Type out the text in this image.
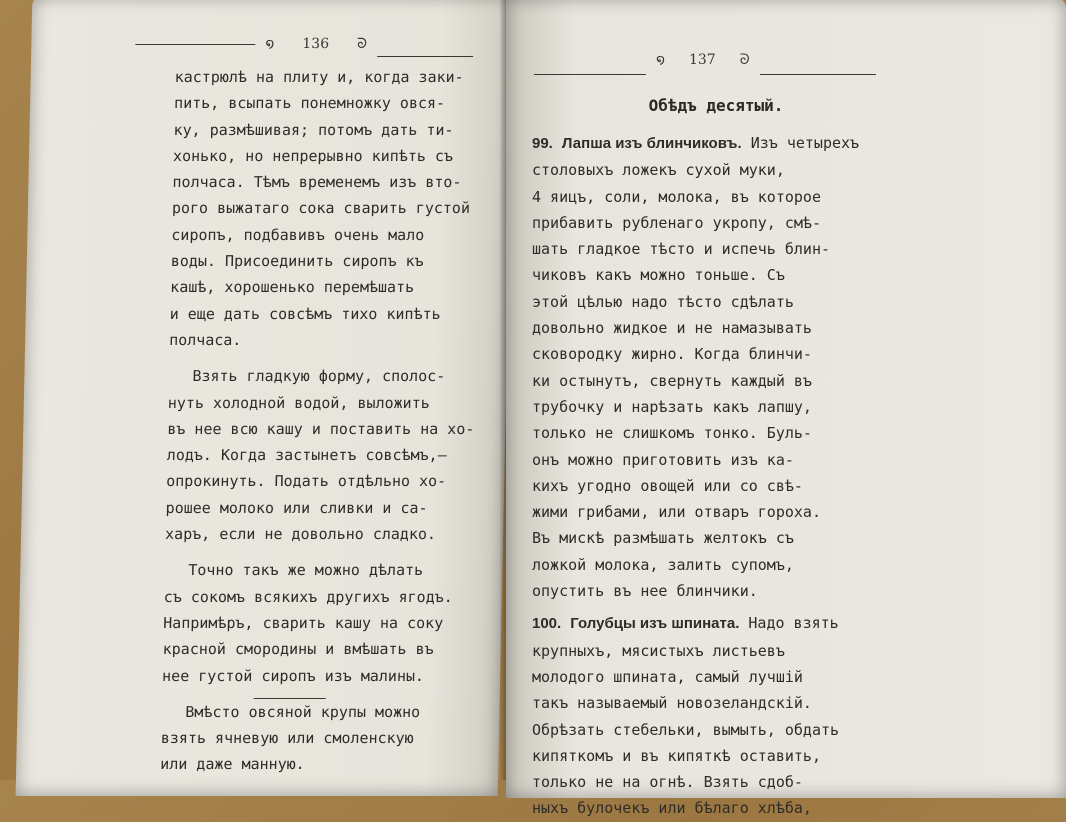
໑ 136 ᘐ

кастрюлѣ на плиту и, когда заки-

пить, всыпать понемножку овся-

ку, размѣшивая; потомъ дать ти-

хонько, но непрерывно кипѣть съ

полчаса. Тѣмъ временемъ изъ вто-

рого выжатаго сока сварить густой

сиропъ, подбавивъ очень мало

воды. Присоединить сиропъ къ

кашѣ, хорошенько перемѣшать

и еще дать совсѣмъ тихо кипѣть

полчаса.

Взять гладкую форму, сполос-

нуть холодной водой, выложить

въ нее всю кашу и поставить на хо-

лодъ. Когда застынетъ совсѣмъ,—

опрокинуть. Подать отдѣльно хо-

рошее молоко или сливки и са-

харъ, если не довольно сладко.

Точно такъ же можно дѣлать

съ сокомъ всякихъ другихъ ягодъ.

Напримѣръ, сварить кашу на соку

красной смородины и вмѣшать въ

нее густой сиропъ изъ малины.

Вмѣсто овсяной крупы можно

взять ячневую или смоленскую

или даже манную.

໑ 137 ᘐ
Обѣдъ десятый.

99. Лапша изъ блинчиковъ. Изъ четырехъ

столовыхъ ложекъ сухой муки,

4 яицъ, соли, молока, въ которое

прибавить рубленаго укропу, смѣ-

шать гладкое тѣсто и испечь блин-

чиковъ какъ можно тоньше. Съ

этой цѣлью надо тѣсто сдѣлать

довольно жидкое и не намазывать

сковородку жирно. Когда блинчи-

ки остынутъ, свернуть каждый въ

трубочку и нарѣзать какъ лапшу,

только не слишкомъ тонко. Буль-

онъ можно приготовить изъ ка-

кихъ угодно овощей или со свѣ-

жими грибами, или отваръ гороха.

Въ мискѣ размѣшать желтокъ съ

ложкой молока, залить супомъ,

опустить въ нее блинчики.

100. Голубцы изъ шпината. Надо взять

крупныхъ, мясистыхъ листьевъ

молодого шпината, самый лучшій

такъ называемый новозеландскій.

Обрѣзать стебельки, вымыть, обдать

кипяткомъ и въ кипяткѣ оставить,

только не на огнѣ. Взять сдоб-

ныхъ булочекъ или бѣлаго хлѣба,
